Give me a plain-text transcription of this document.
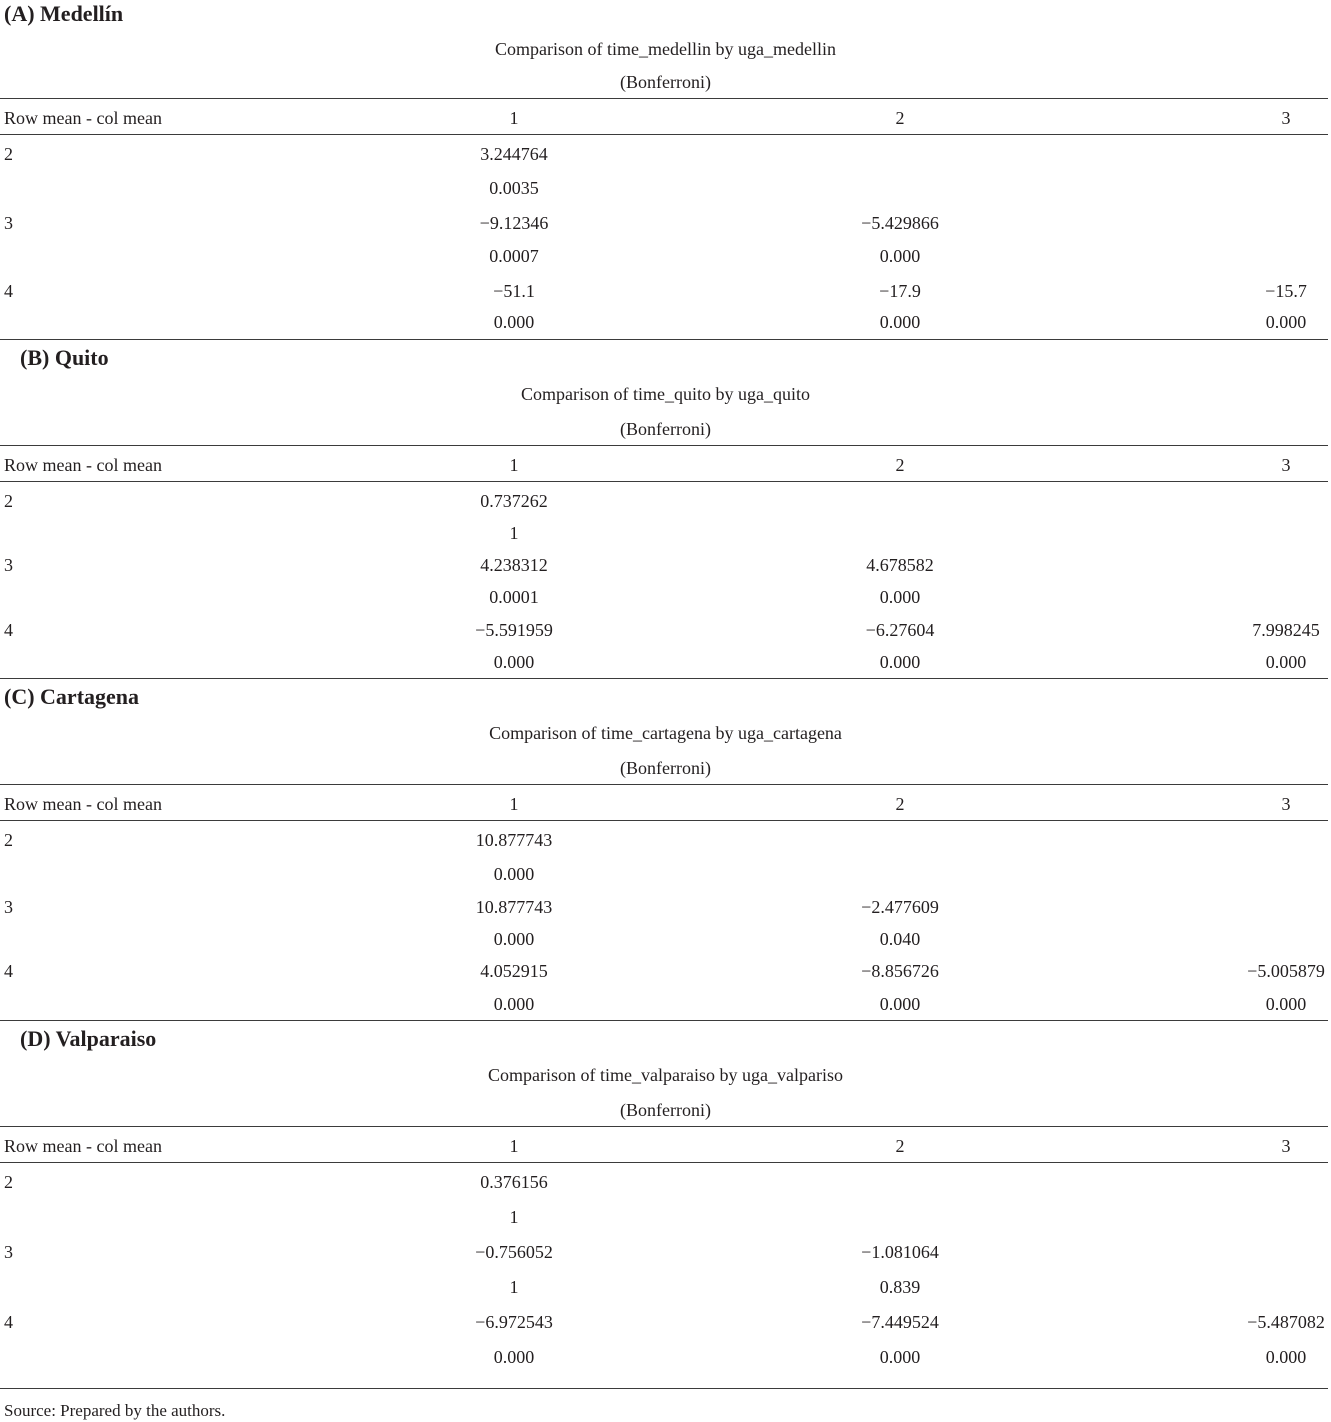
(A) Medellín
Comparison of time_medellin by uga_medellin
(Bonferroni)
Row mean - col mean	1	2	3
2	3.244764
0.0035
3	−9.12346	−5.429866
0.0007	0.000
4	−51.1	−17.9	−15.7
0.000	0.000	0.000
(B) Quito
Comparison of time_quito by uga_quito
(Bonferroni)
Row mean - col mean	1	2	3
2	0.737262
1
3	4.238312	4.678582
0.0001	0.000
4	−5.591959	−6.27604	7.998245
0.000	0.000	0.000
(C) Cartagena
Comparison of time_cartagena by uga_cartagena
(Bonferroni)
Row mean - col mean	1	2	3
2	10.877743
0.000
3	10.877743	−2.477609
0.000	0.040
4	4.052915	−8.856726	−5.005879
0.000	0.000	0.000
(D) Valparaiso
Comparison of time_valparaiso by uga_valpariso
(Bonferroni)
Row mean - col mean	1	2	3
2	0.376156
1
3	−0.756052	−1.081064
1	0.839
4	−6.972543	−7.449524	−5.487082
0.000	0.000	0.000
Source: Prepared by the authors.
